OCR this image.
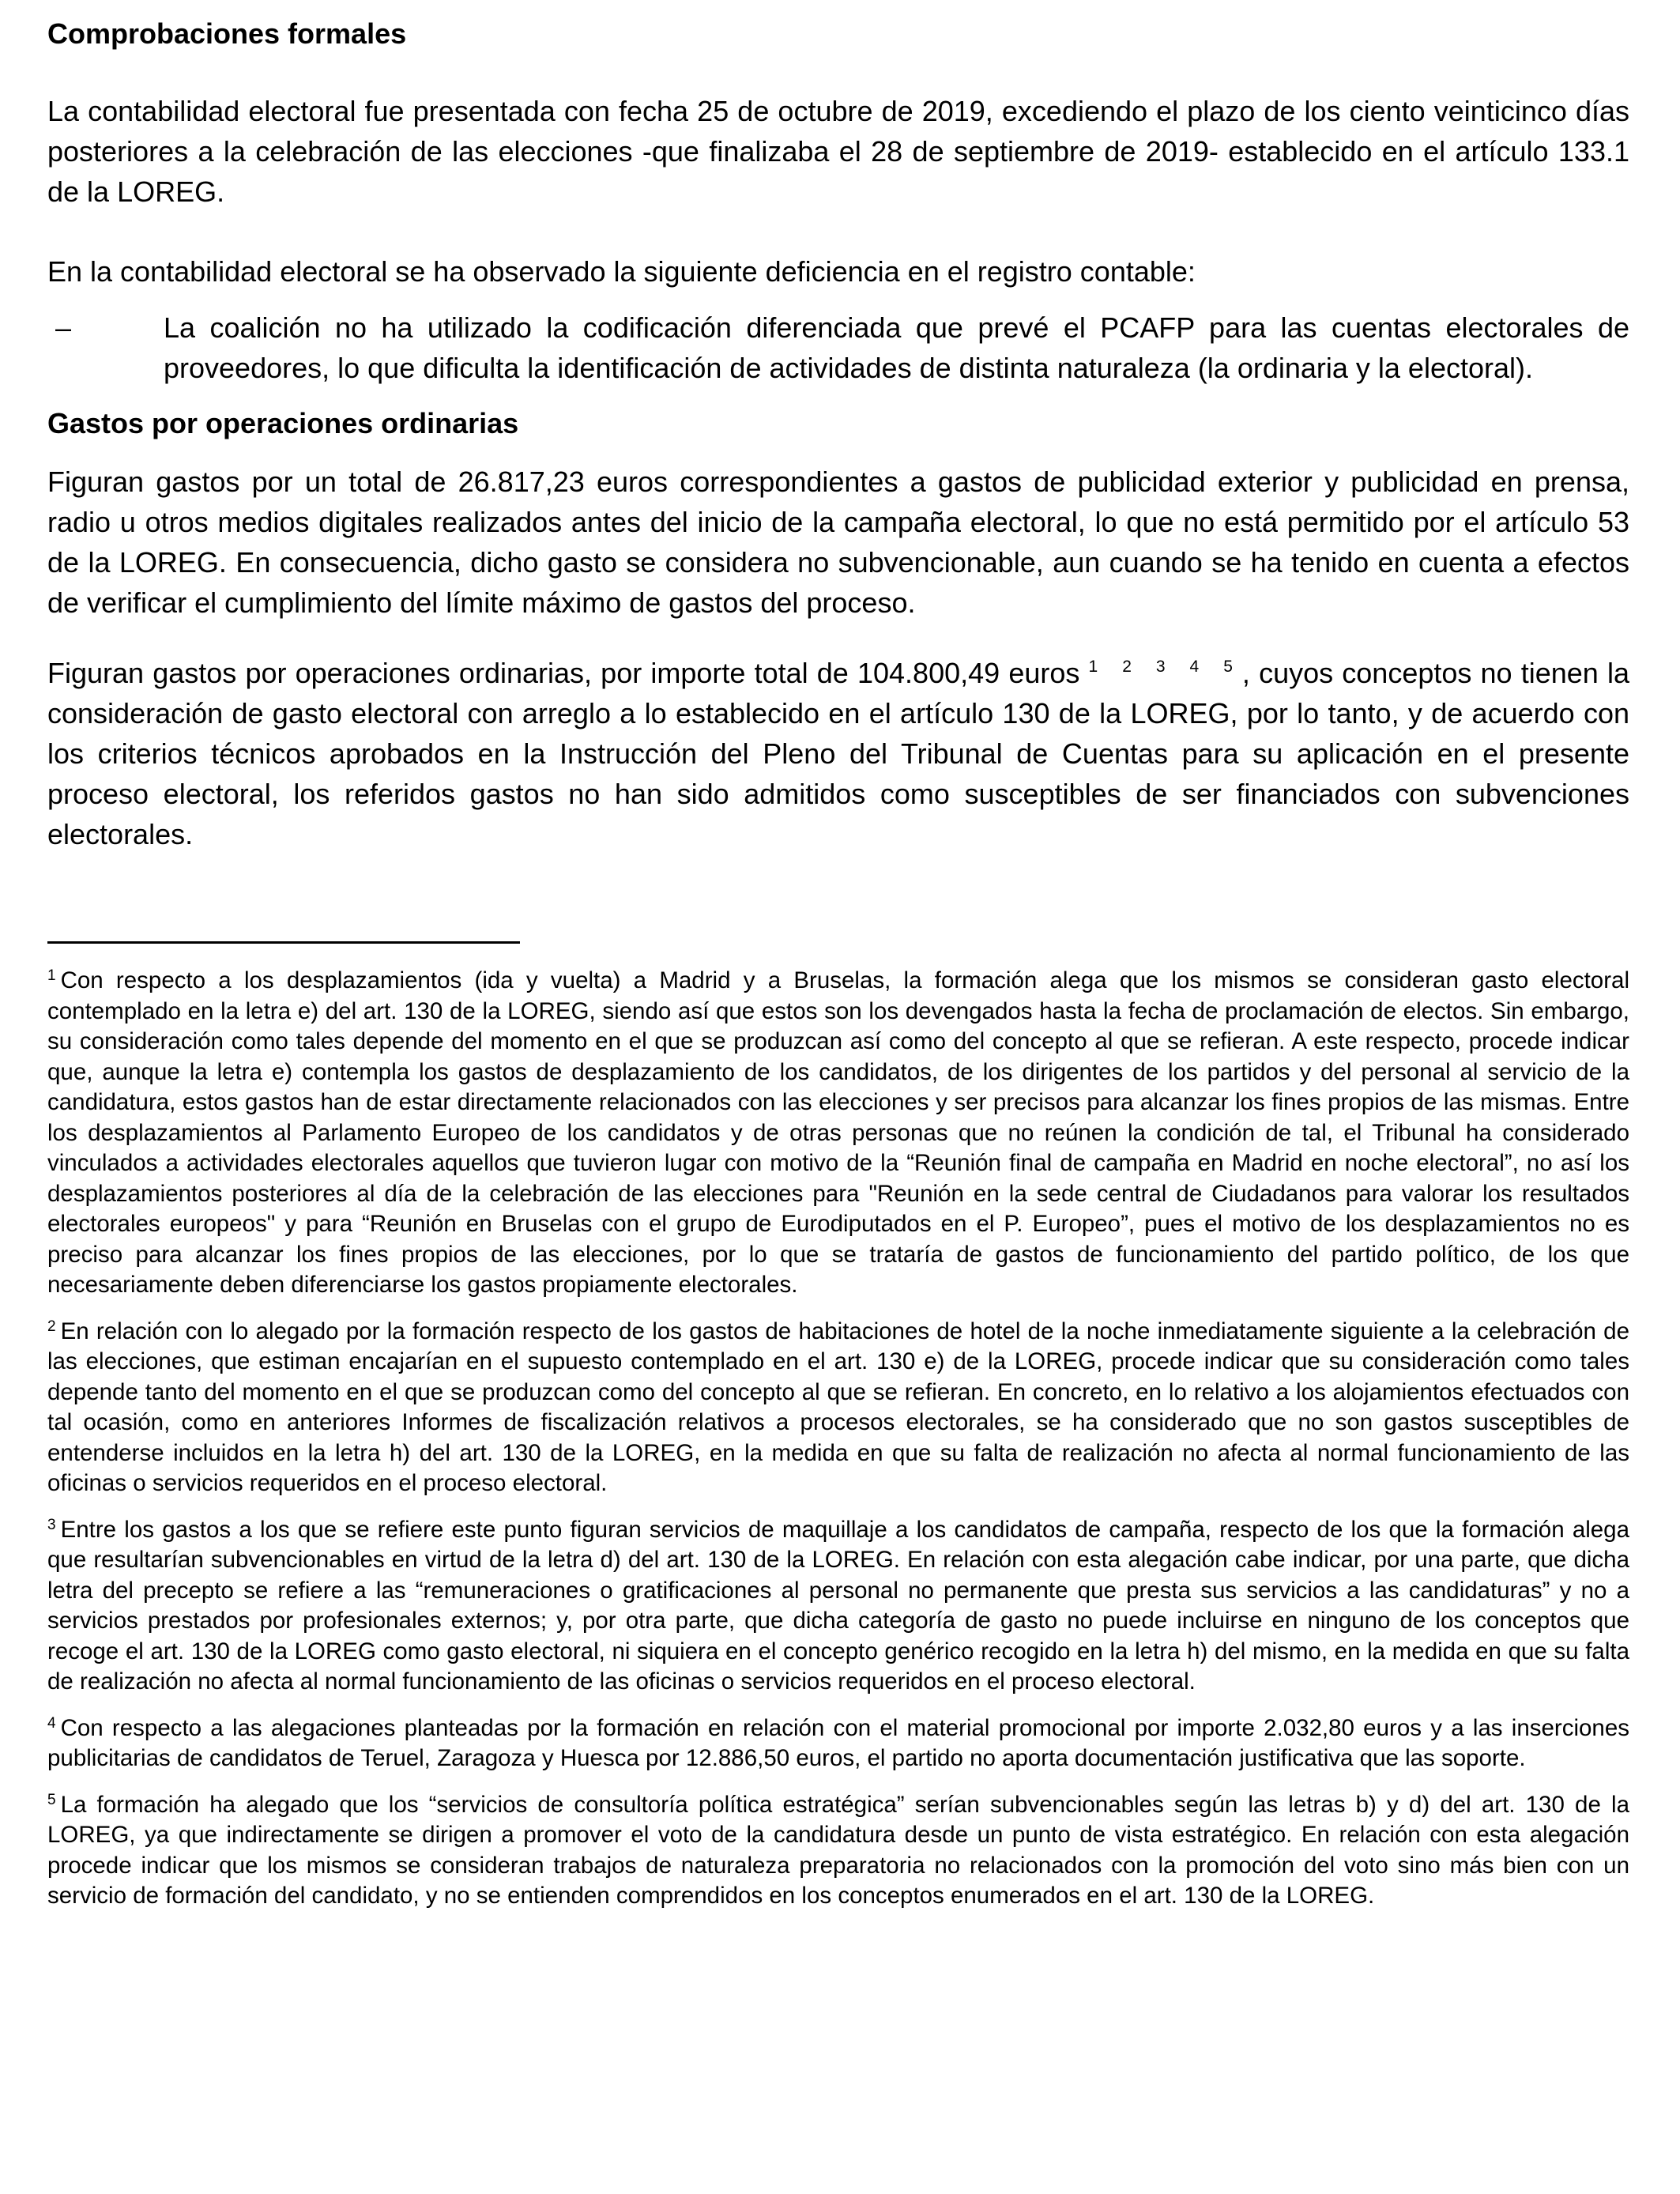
Comprobaciones formales

La contabilidad electoral fue presentada con fecha 25 de octubre de 2019, excediendo el plazo de los ciento veinticinco días posteriores a la celebración de las elecciones -que finalizaba el 28 de septiembre de 2019- establecido en el artículo 133.1 de la LOREG.

En la contabilidad electoral se ha observado la siguiente deficiencia en el registro contable:

–	La coalición no ha utilizado la codificación diferenciada que prevé el PCAFP para las cuentas electorales de proveedores, lo que dificulta la identificación de actividades de distinta naturaleza (la ordinaria y la electoral).
Gastos por operaciones ordinarias

Figuran gastos por un total de 26.817,23 euros correspondientes a gastos de publicidad exterior y publicidad en prensa, radio u otros medios digitales realizados antes del inicio de la campaña electoral, lo que no está permitido por el artículo 53 de la LOREG. En consecuencia, dicho gasto se considera no subvencionable, aun cuando se ha tenido en cuenta a efectos de verificar el cumplimiento del límite máximo de gastos del proceso.

Figuran gastos por operaciones ordinarias, por importe total de 104.800,49 euros $^{1 2 3 4 5}$, cuyos conceptos no tienen la consideración de gasto electoral con arreglo a lo establecido en el artículo 130 de la LOREG, por lo tanto, y de acuerdo con los criterios técnicos aprobados en la Instrucción del Pleno del Tribunal de Cuentas para su aplicación en el presente proceso electoral, los referidos gastos no han sido admitidos como susceptibles de ser financiados con subvenciones electorales.

$^1$ Con respecto a los desplazamientos (ida y vuelta) a Madrid y a Bruselas, la formación alega que los mismos se consideran gasto electoral contemplado en la letra e) del art. 130 de la LOREG, siendo así que estos son los devengados hasta la fecha de proclamación de electos. Sin embargo, su consideración como tales depende del momento en el que se produzcan así como del concepto al que se refieran. A este respecto, procede indicar que, aunque la letra e) contempla los gastos de desplazamiento de los candidatos, de los dirigentes de los partidos y del personal al servicio de la candidatura, estos gastos han de estar directamente relacionados con las elecciones y ser precisos para alcanzar los fines propios de las mismas. Entre los desplazamientos al Parlamento Europeo de los candidatos y de otras personas que no reúnen la condición de tal, el Tribunal ha considerado vinculados a actividades electorales aquellos que tuvieron lugar con motivo de la “Reunión final de campaña en Madrid en noche electoral”, no así los desplazamientos posteriores al día de la celebración de las elecciones para "Reunión en la sede central de Ciudadanos para valorar los resultados electorales europeos" y para “Reunión en Bruselas con el grupo de Eurodiputados en el P. Europeo”, pues el motivo de los desplazamientos no es preciso para alcanzar los fines propios de las elecciones, por lo que se trataría de gastos de funcionamiento del partido político, de los que necesariamente deben diferenciarse los gastos propiamente electorales.

$^2$ En relación con lo alegado por la formación respecto de los gastos de habitaciones de hotel de la noche inmediatamente siguiente a la celebración de las elecciones, que estiman encajarían en el supuesto contemplado en el art. 130 e) de la LOREG, procede indicar que su consideración como tales depende tanto del momento en el que se produzcan como del concepto al que se refieran. En concreto, en lo relativo a los alojamientos efectuados con tal ocasión, como en anteriores Informes de fiscalización relativos a procesos electorales, se ha considerado que no son gastos susceptibles de entenderse incluidos en la letra h) del art. 130 de la LOREG, en la medida en que su falta de realización no afecta al normal funcionamiento de las oficinas o servicios requeridos en el proceso electoral.

$^3$ Entre los gastos a los que se refiere este punto figuran servicios de maquillaje a los candidatos de campaña, respecto de los que la formación alega que resultarían subvencionables en virtud de la letra d) del art. 130 de la LOREG. En relación con esta alegación cabe indicar, por una parte, que dicha letra del precepto se refiere a las “remuneraciones o gratificaciones al personal no permanente que presta sus servicios a las candidaturas” y no a servicios prestados por profesionales externos; y, por otra parte, que dicha categoría de gasto no puede incluirse en ninguno de los conceptos que recoge el art. 130 de la LOREG como gasto electoral, ni siquiera en el concepto genérico recogido en la letra h) del mismo, en la medida en que su falta de realización no afecta al normal funcionamiento de las oficinas o servicios requeridos en el proceso electoral.

$^4$ Con respecto a las alegaciones planteadas por la formación en relación con el material promocional por importe 2.032,80 euros y a las inserciones publicitarias de candidatos de Teruel, Zaragoza y Huesca por 12.886,50 euros, el partido no aporta documentación justificativa que las soporte.

$^5$ La formación ha alegado que los “servicios de consultoría política estratégica” serían subvencionables según las letras b) y d) del art. 130 de la LOREG, ya que indirectamente se dirigen a promover el voto de la candidatura desde un punto de vista estratégico. En relación con esta alegación procede indicar que los mismos se consideran trabajos de naturaleza preparatoria no relacionados con la promoción del voto sino más bien con un servicio de formación del candidato, y no se entienden comprendidos en los conceptos enumerados en el art. 130 de la LOREG.
